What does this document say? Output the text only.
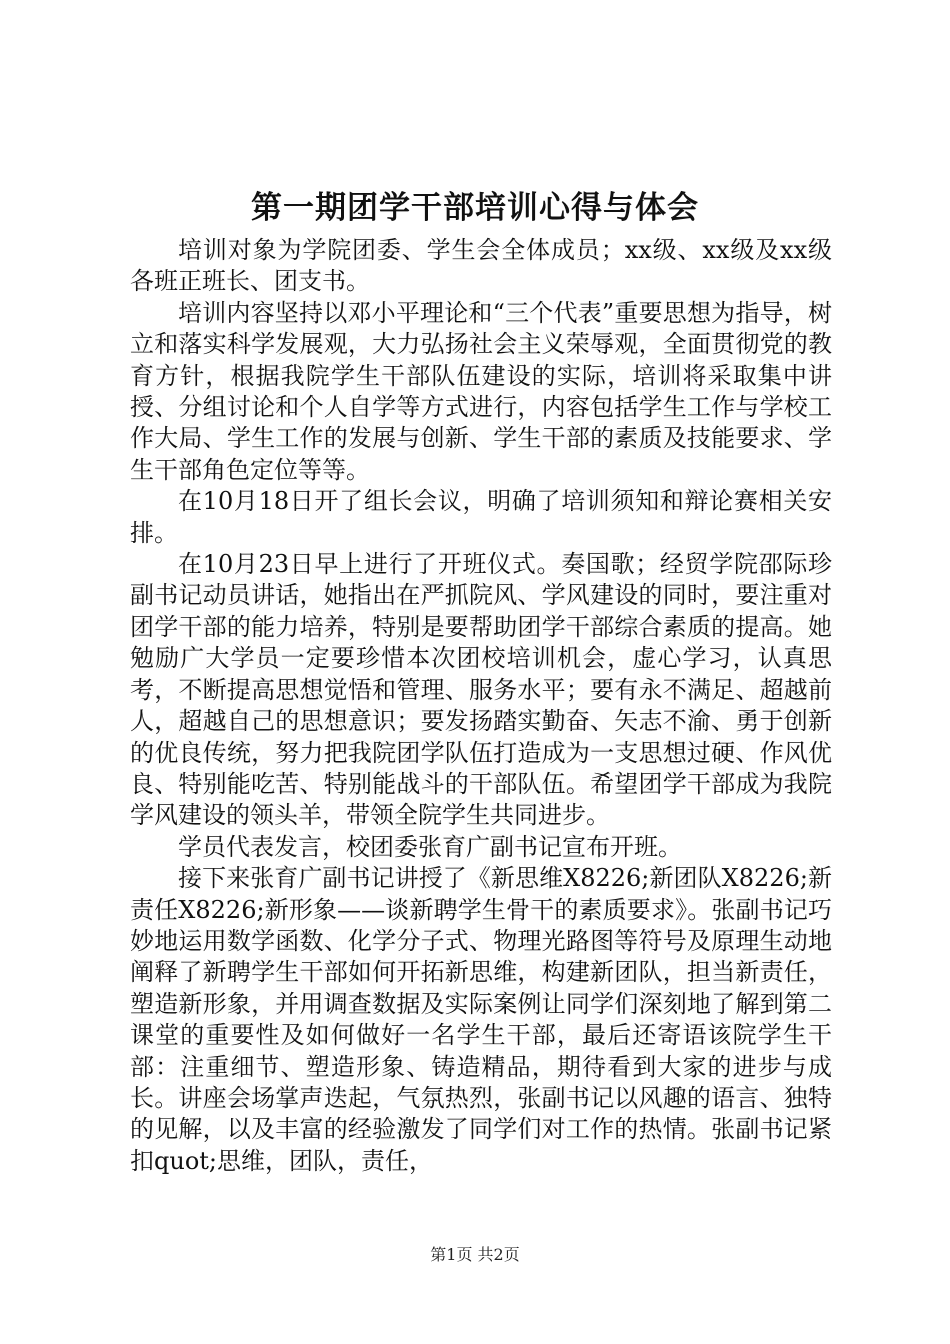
第一期团学干部培训心得与体会

培训对象为学院团委、学生会全体成员；xx级、xx级及xx级各班正班长、团支书。

培训内容坚持以邓小平理论和“三个代表”重要思想为指导，树立和落实科学发展观，大力弘扬社会主义荣辱观，全面贯彻党的教育方针，根据我院学生干部队伍建设的实际，培训将采取集中讲授、分组讨论和个人自学等方式进行，内容包括学生工作与学校工作大局、学生工作的发展与创新、学生干部的素质及技能要求、学生干部角色定位等等。

在10月18日开了组长会议，明确了培训须知和辩论赛相关安排。

在10月23日早上进行了开班仪式。奏国歌；经贸学院邵际珍副书记动员讲话，她指出在严抓院风、学风建设的同时，要注重对团学干部的能力培养，特别是要帮助团学干部综合素质的提高。她勉励广大学员一定要珍惜本次团校培训机会，虚心学习，认真思考，不断提高思想觉悟和管理、服务水平；要有永不满足、超越前人，超越自己的思想意识；要发扬踏实勤奋、矢志不渝、勇于创新的优良传统，努力把我院团学队伍打造成为一支思想过硬、作风优良、特别能吃苦、特别能战斗的干部队伍。希望团学干部成为我院学风建设的领头羊，带领全院学生共同进步。

学员代表发言，校团委张育广副书记宣布开班。

接下来张育广副书记讲授了《新思维X8226;新团队X8226;新责任X8226;新形象——谈新聘学生骨干的素质要求》。张副书记巧妙地运用数学函数、化学分子式、物理光路图等符号及原理生动地阐释了新聘学生干部如何开拓新思维，构建新团队，担当新责任，塑造新形象，并用调查数据及实际案例让同学们深刻地了解到第二课堂的重要性及如何做好一名学生干部，最后还寄语该院学生干部：注重细节、塑造形象、铸造精品，期待看到大家的进步与成长。讲座会场掌声迭起，气氛热烈，张副书记以风趣的语言、独特的见解，以及丰富的经验激发了同学们对工作的热情。张副书记紧扣quot;思维，团队，责任，

第1页 共2页
